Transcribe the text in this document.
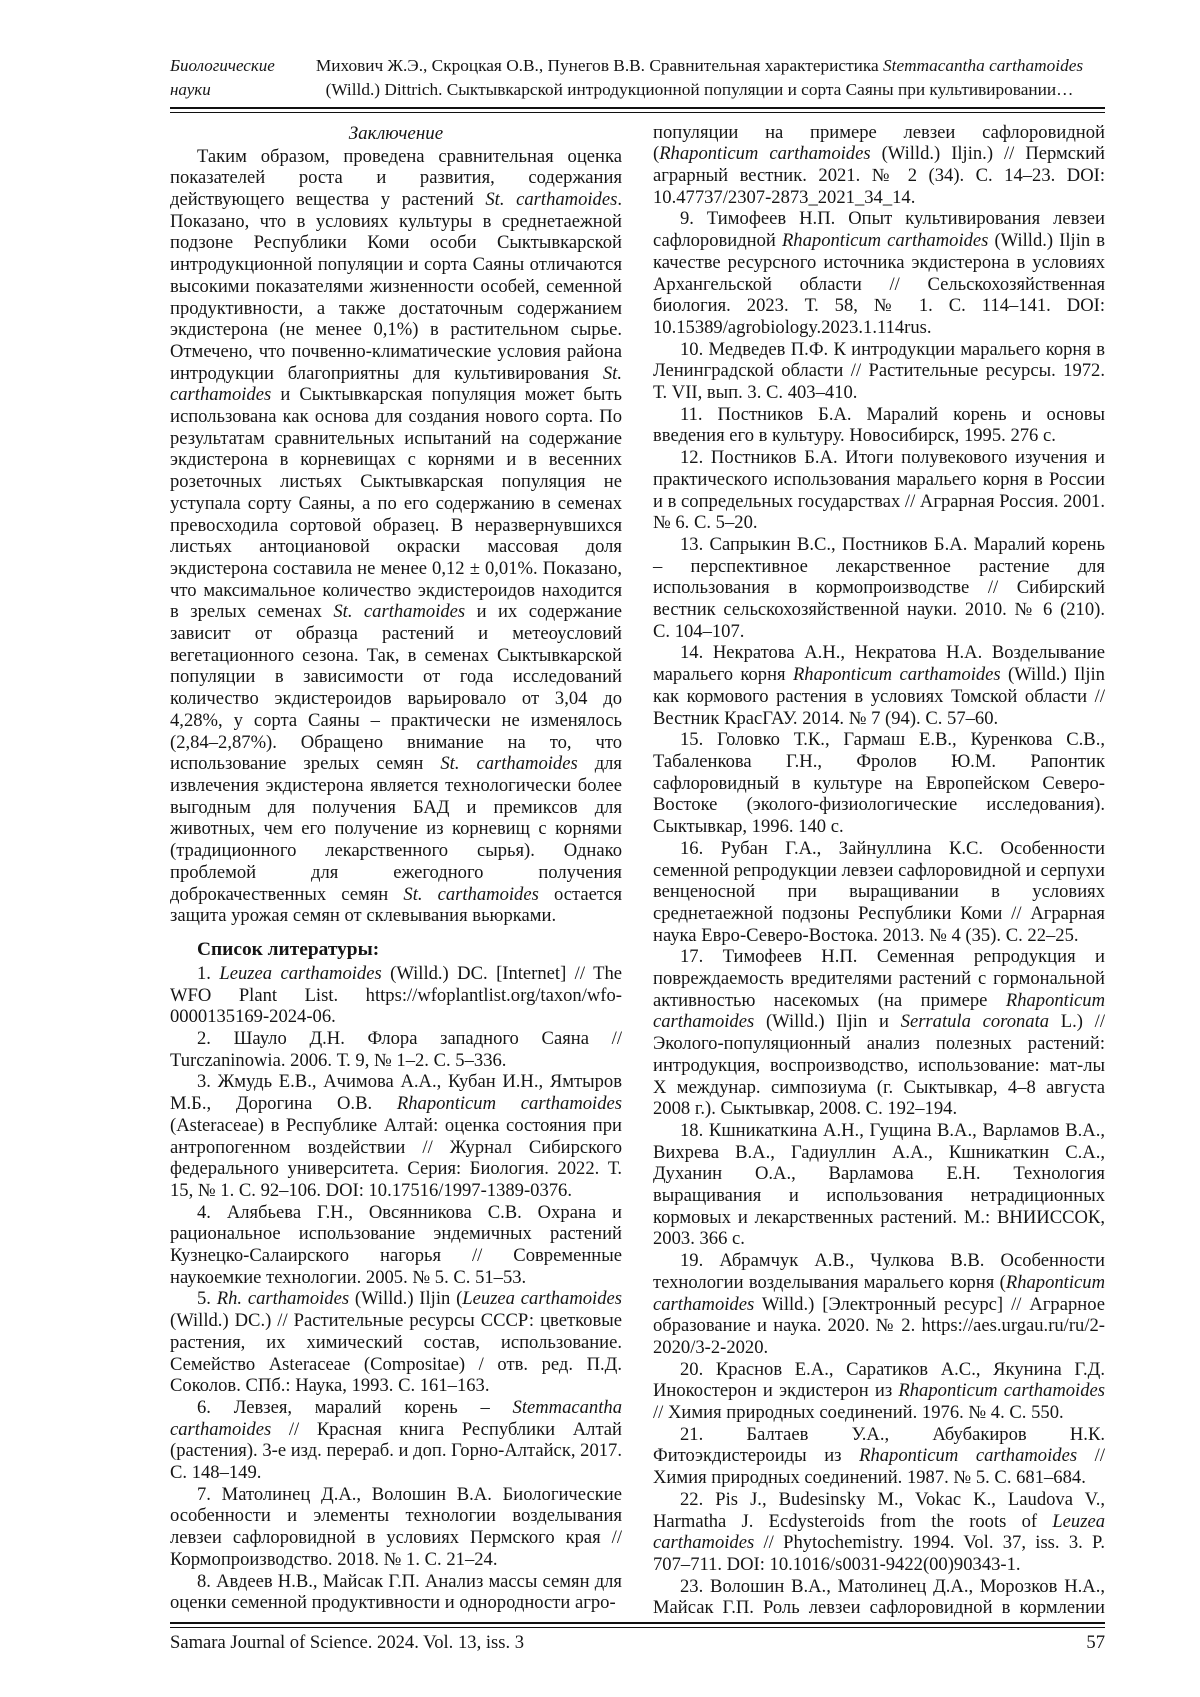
Биологические
науки
Михович Ж.Э., Скроцкая О.В., Пунегов В.В. Сравнительная характеристика Stemmacantha carthamoides (Willd.) Dittrich. Сыктывкарской интродукционной популяции и сорта Саяны при культивировании…
Заключение

Таким образом, проведена сравнительная оценка показателей роста и развития, содержания действующего вещества у растений St. carthamoides. Показано, что в условиях культуры в среднетаежной подзоне Республики Коми особи Сыктывкарской интродукционной популяции и сорта Саяны отличаются высокими показателями жизненности особей, семенной продуктивности, а также достаточным содержанием экдистерона (не менее 0,1%) в растительном сырье. Отмечено, что почвенно-климатические условия района интродукции благоприятны для культивирования St. carthamoides и Сыктывкарская популяция может быть использована как основа для создания нового сорта. По результатам сравнительных испытаний на содержание экдистерона в корневищах с корнями и в весенних розеточных листьях Сыктывкарская популяция не уступала сорту Саяны, а по его содержанию в семенах превосходила сортовой образец. В неразвернувшихся листьях антоциановой окраски массовая доля экдистерона составила не менее 0,12 ± 0,01%. Показано, что максимальное количество экдистероидов находится в зрелых семенах St. carthamoides и их содержание зависит от образца растений и метеоусловий вегетационного сезона. Так, в семенах Сыктывкарской популяции в зависимости от года исследований количество экдистероидов варьировало от 3,04 до 4,28%, у сорта Саяны – практически не изменялось (2,84–2,87%). Обращено внимание на то, что использование зрелых семян St. carthamoides для извлечения экдистерона является технологически более выгодным для получения БАД и премиксов для животных, чем его получение из корневищ с корнями (традиционного лекарственного сырья). Однако проблемой для ежегодного получения доброкачественных семян St. carthamoides остается защита урожая семян от склевывания вьюрками.

Список литературы:

1. Leuzea carthamoides (Willd.) DC. [Internet] // The WFO Plant List. https://wfoplantlist.org/taxon/wfo-0000135169-2024-06.

2. Шауло Д.Н. Флора западного Саяна // Turczaninowia. 2006. Т. 9, № 1–2. С. 5–336.

3. Жмудь Е.В., Ачимова А.А., Кубан И.Н., Ямтыров М.Б., Дорогина О.В. Rhaponticum carthamoides (Asteraceae) в Республике Алтай: оценка состояния при антропогенном воздействии // Журнал Сибирского федерального университета. Серия: Биология. 2022. Т. 15, № 1. С. 92–106. DOI: 10.17516/1997-1389-0376.

4. Алябьева Г.Н., Овсянникова С.В. Охрана и рациональное использование эндемичных растений Кузнецко-Салаирского нагорья // Современные наукоемкие технологии. 2005. № 5. С. 51–53.

5. Rh. carthamoides (Willd.) Iljin (Leuzea carthamoides (Willd.) DC.) // Растительные ресурсы СССР: цветковые растения, их химический состав, использование. Семейство Asteraceae (Compositae) / отв. ред. П.Д. Соколов. СПб.: Наука, 1993. С. 161–163.

6. Левзея, маралий корень – Stemmacantha carthamoides // Красная книга Республики Алтай (растения). 3-е изд. перераб. и доп. Горно-Алтайск, 2017. С. 148–149.

7. Матолинец Д.А., Волошин В.А. Биологические особенности и элементы технологии возделывания левзеи сафлоровидной в условиях Пермского края // Кормопроизводство. 2018. № 1. С. 21–24.

8. Авдеев Н.В., Майсак Г.П. Анализ массы семян для оценки семенной продуктивности и однородности агро-

популяции на примере левзеи сафлоровидной (Rhaponticum carthamoides (Willd.) Iljin.) // Пермский аграрный вестник. 2021. № 2 (34). С. 14–23. DOI: 10.47737/2307-2873_2021_34_14.

9. Тимофеев Н.П. Опыт культивирования левзеи сафлоровидной Rhaponticum carthamoides (Willd.) Iljin в качестве ресурсного источника экдистерона в условиях Архангельской области // Сельскохозяйственная биология. 2023. Т. 58, № 1. С. 114–141. DOI: 10.15389/agrobiology.2023.1.114rus.

10. Медведев П.Ф. К интродукции маральего корня в Ленинградской области // Растительные ресурсы. 1972. Т. VII, вып. 3. С. 403–410.

11. Постников Б.А. Маралий корень и основы введения его в культуру. Новосибирск, 1995. 276 с.

12. Постников Б.А. Итоги полувекового изучения и практического использования маральего корня в России и в сопредельных государствах // Аграрная Россия. 2001. № 6. С. 5–20.

13. Сапрыкин В.С., Постников Б.А. Маралий корень – перспективное лекарственное растение для использования в кормопроизводстве // Сибирский вестник сельскохозяйственной науки. 2010. № 6 (210). С. 104–107.

14. Некратова А.Н., Некратова Н.А. Возделывание маральего корня Rhaponticum carthamoides (Willd.) Iljin как кормового растения в условиях Томской области // Вестник КрасГАУ. 2014. № 7 (94). С. 57–60.

15. Головко Т.К., Гармаш Е.В., Куренкова С.В., Табаленкова Г.Н., Фролов Ю.М. Рапонтик сафлоровидный в культуре на Европейском Северо-Востоке (эколого-физиологические исследования). Сыктывкар, 1996. 140 с.

16. Рубан Г.А., Зайнуллина К.С. Особенности семенной репродукции левзеи сафлоровидной и серпухи венценосной при выращивании в условиях среднетаежной подзоны Республики Коми // Аграрная наука Евро-Северо-Востока. 2013. № 4 (35). С. 22–25.

17. Тимофеев Н.П. Семенная репродукция и повреждаемость вредителями растений с гормональной активностью насекомых (на примере Rhaponticum carthamoides (Willd.) Iljin и Serratula coronata L.) // Эколого-популяционный анализ полезных растений: интродукция, воспроизводство, использование: мат-лы X междунар. симпозиума (г. Сыктывкар, 4–8 августа 2008 г.). Сыктывкар, 2008. С. 192–194.

18. Кшникаткина А.Н., Гущина В.А., Варламов В.А., Вихрева В.А., Гадиуллин А.А., Кшникаткин С.А., Духанин О.А., Варламова Е.Н. Технология выращивания и использования нетрадиционных кормовых и лекарственных растений. М.: ВНИИССОК, 2003. 366 с.

19. Абрамчук А.В., Чулкова В.В. Особенности технологии возделывания маральего корня (Rhaponticum carthamoides Willd.) [Электронный ресурс] // Аграрное образование и наука. 2020. № 2. https://aes.urgau.ru/ru/2-2020/3-2-2020.

20. Краснов Е.А., Саратиков А.С., Якунина Г.Д. Инокостерон и экдистерон из Rhaponticum carthamoides // Химия природных соединений. 1976. № 4. С. 550.

21. Балтаев У.А., Абубакиров Н.К. Фитоэкдистероиды из Rhaponticum carthamoides // Химия природных соединений. 1987. № 5. С. 681–684.

22. Pis J., Budesinsky M., Vokac K., Laudova V., Harmatha J. Ecdysteroids from the roots of Leuzea carthamoides // Phytochemistry. 1994. Vol. 37, iss. 3. P. 707–711. DOI: 10.1016/s0031-9422(00)90343-1.

23. Волошин В.А., Матолинец Д.А., Морозков Н.А., Майсак Г.П. Роль левзеи сафлоровидной в кормлении

Samara Journal of Science. 2024. Vol. 13, iss. 3	57
